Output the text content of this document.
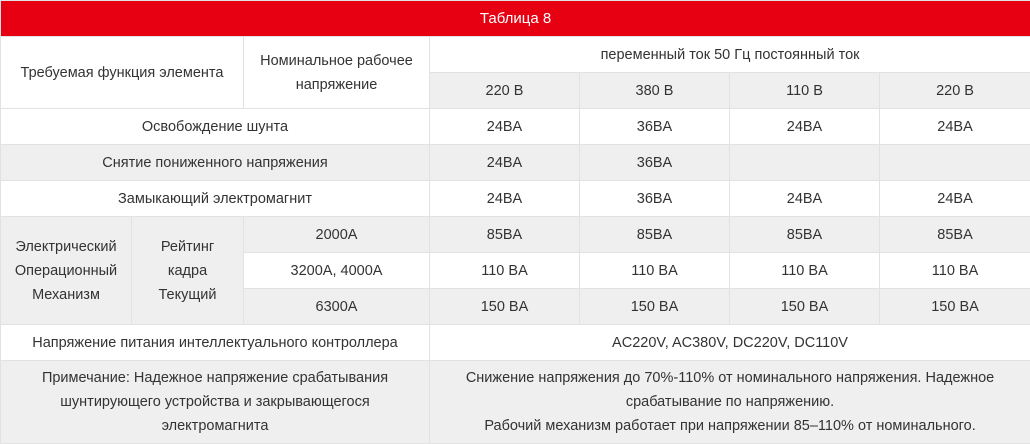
Таблица 8						
Требуемая функция элемента		Номинальное рабочее напряжение	переменный ток 50 Гц постоянный ток			
			220 В	380 В	110 В	220 В
Освобождение шунта			24BA	36BA	24BA	24BA
Снятие пониженного напряжения			24BA	36BA		
Замыкающий электромагнит			24BA	36BA	24BA	24BA
Электрический Операционный Механизм	Рейтинг кадра Текущий	2000A	85BA	85BA	85BA	85BA
		3200A, 4000A	110 BA	110 BA	110 BA	110 BA
		6300A	150 BA	150 BA	150 BA	150 BA
Напряжение питания интеллектуального контроллера			AC220V, AC380V, DC220V, DC110V			
Примечание: Надежное напряжение срабатывания шунтирующего устройства и закрывающегося электромагнита			Снижение напряжения до 70%-110% от номинального напряжения. Надежное срабатывание по напряжению.
Рабочий механизм работает при напряжении 85–110% от номинального.			
